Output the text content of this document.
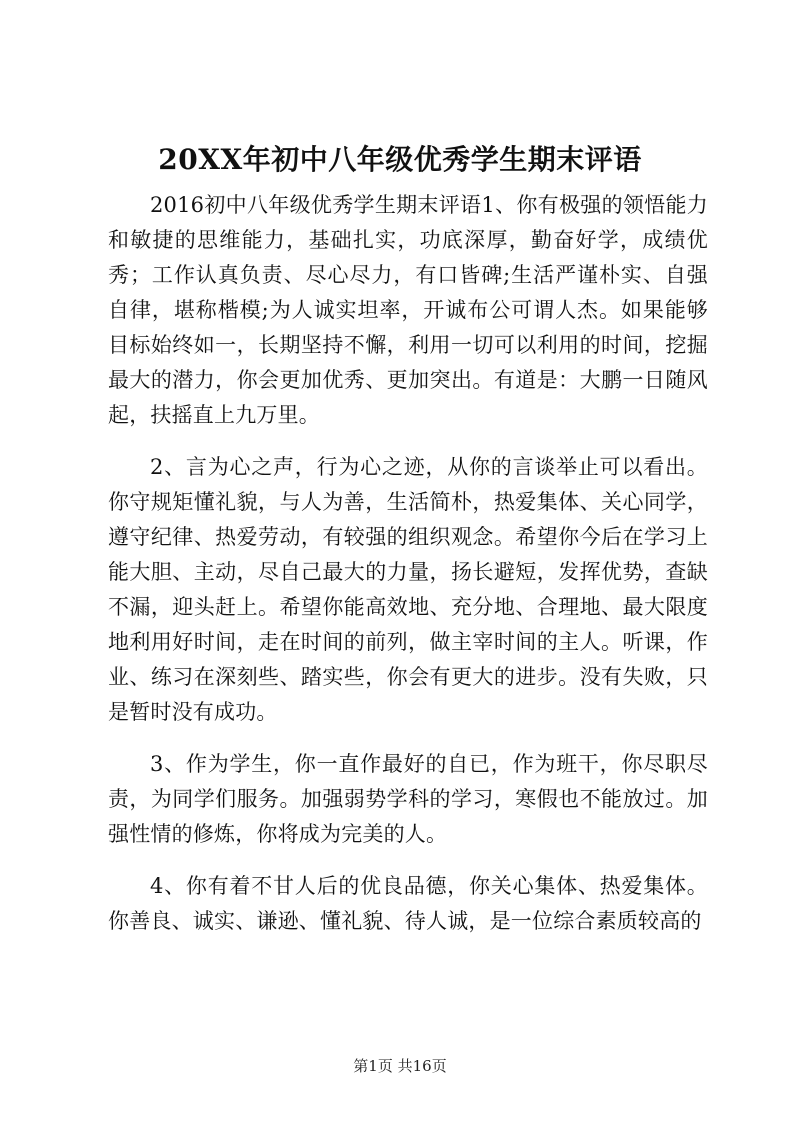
20XX年初中八年级优秀学生期末评语

2016初中八年级优秀学生期末评语1、你有极强的领悟能力和敏捷的思维能力，基础扎实，功底深厚，勤奋好学，成绩优秀；工作认真负责、尽心尽力，有口皆碑;生活严谨朴实、自强自律，堪称楷模;为人诚实坦率，开诚布公可谓人杰。如果能够目标始终如一，长期坚持不懈，利用一切可以利用的时间，挖掘最大的潜力，你会更加优秀、更加突出。有道是：大鹏一日随风起，扶摇直上九万里。

2、言为心之声，行为心之迹，从你的言谈举止可以看出。你守规矩懂礼貌，与人为善，生活简朴，热爱集体、关心同学，遵守纪律、热爱劳动，有较强的组织观念。希望你今后在学习上能大胆、主动，尽自己最大的力量，扬长避短，发挥优势，查缺不漏，迎头赶上。希望你能高效地、充分地、合理地、最大限度地利用好时间，走在时间的前列，做主宰时间的主人。听课，作业、练习在深刻些、踏实些，你会有更大的进步。没有失败，只是暂时没有成功。

3、作为学生，你一直作最好的自已，作为班干，你尽职尽责，为同学们服务。加强弱势学科的学习，寒假也不能放过。加强性情的修炼，你将成为完美的人。

4、你有着不甘人后的优良品德，你关心集体、热爱集体。你善良、诚实、谦逊、懂礼貌、待人诚，是一位综合素质较高的

第1页 共16页
